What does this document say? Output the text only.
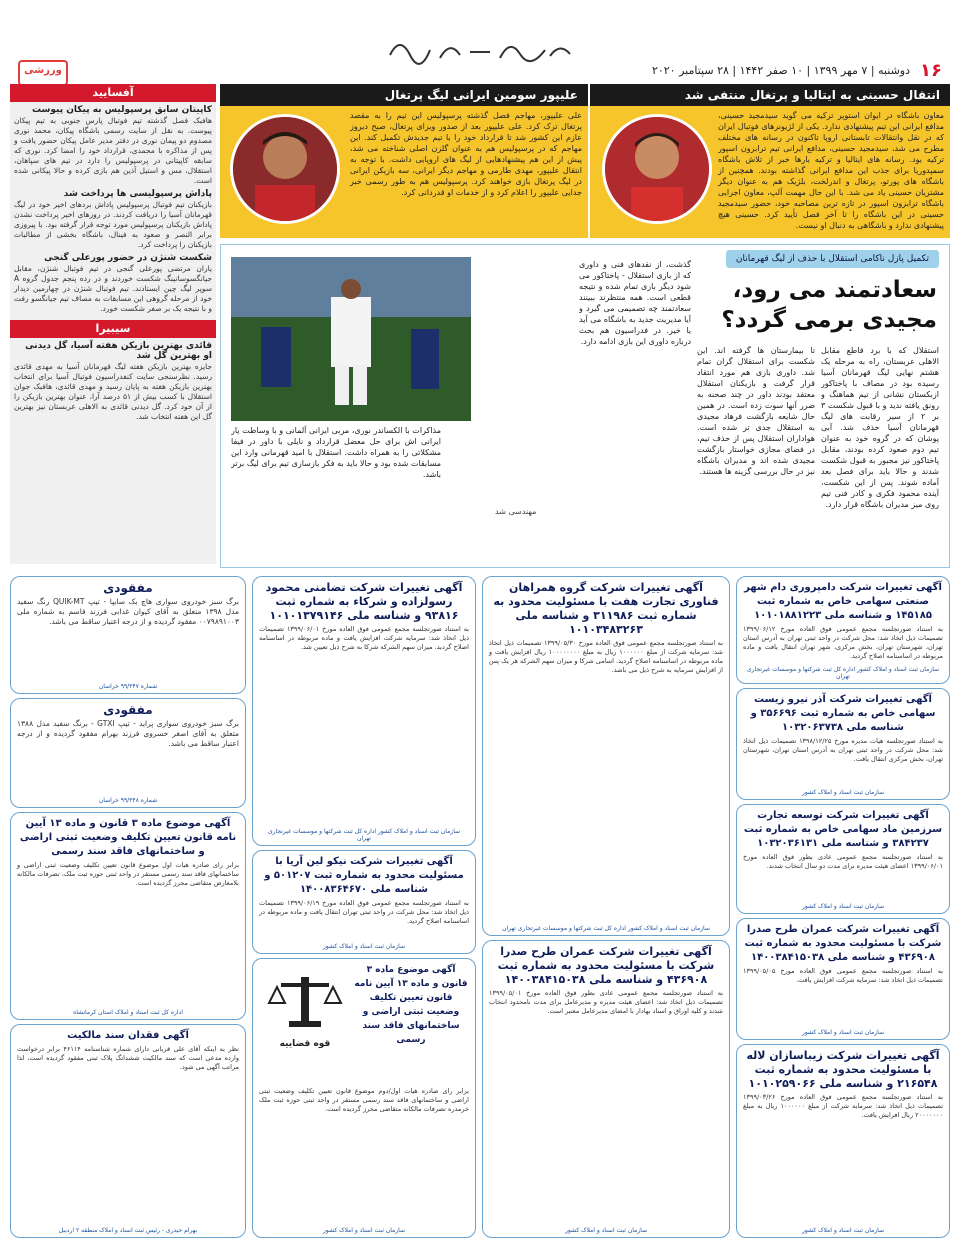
۱۶
دوشنبه | ۷ مهر ۱۳۹۹ | ۱۰ صفر ۱۴۴۲ | ۲۸ سپتامبر ۲۰۲۰
ورزشی
انتقال حسینی به ایتالیا و پرتغال منتفی شد
معاون باشگاه در ایوان استوپر ترکیه می گوید سیدمجید حسینی، مدافع ایرانی این تیم پیشنهادی ندارد. یکی از لژیونرهای فوتبال ایران که در نقل وانتقالات تابستانی اروپا تاکنون در رسانه های مختلف مطرح می شد، سیدمجید حسینی، مدافع ایرانی تیم ترابزون اسپور ترکیه بود. رسانه های ایتالیا و ترکیه بارها خبر از تلاش باشگاه سمپدوریا برای جذب این مدافع ایرانی گذاشته بودند. همچنین از باشگاه های پورتو، پرتغال و اندرلخت، بلژیک هم به عنوان دیگر مشتریان حسینی یاد می شد. با این حال مهمت آلپ، معاون اجرایی باشگاه ترابزون اسپور در تازه ترین مصاحبه خود، حضور سیدمجید حسینی در این باشگاه را تا آخر فصل تأیید کرد. حسینی هیچ پیشنهادی ندارد و باشگاهی به دنبال او نیست.
علیپور سومین ایرانی لیگ پرتغال
علی علیپور، مهاجم فصل گذشته پرسپولیس این تیم را به مقصد پرتغال ترک کرد. علی علیپور بعد از صدور ویزای پرتغال، صبح دیروز عازم این کشور شد تا قرارداد خود را با تیم جدیدش تکمیل کند. این مهاجم که در پرسپولیس هم به عنوان گلزن اصلی شناخته می شد، پیش از این هم پیشنهادهایی از لیگ های اروپایی داشت. با توجه به انتقال علیپور، مهدی طارمی و مهاجم دیگر ایرانی، سه بازیکن ایرانی در لیگ پرتغال بازی خواهند کرد. پرسپولیس هم به طور رسمی خبر جدایی علیپور را اعلام کرد و از خدمات او قدردانی کرد.
آفسایید
کاپیتان سابق پرسپولیس به پیکان پیوست
هافبک فصل گذشته تیم فوتبال پارس جنوبی به تیم پیکان پیوست. به نقل از سایت رسمی باشگاه پیکان، محمد نوری مصدوم دو پیمان نوری در دفتر مدیر عامل پیکان حضور یافت و پس از مذاکره با محمدی، قرارداد خود را امضا کرد. نوری که سابقه کاپیتانی در پرسپولیس را دارد در تیم های سپاهان، استقلال، مس و استیل آذین هم بازی کرده و حالا پیکانی شده است.
پاداش پرسپولیسی ها پرداخت شد
بازیکنان تیم فوتبال پرسپولیس پاداش بردهای اخیر خود در لیگ قهرمانان آسیا را دریافت کردند. در روزهای اخیر پرداخت نشدن پاداش بازیکنان پرسپولیس مورد توجه قرار گرفته بود. با پیروزی برابر النصر و صعود به فینال، باشگاه بخشی از مطالبات بازیکنان را پرداخت کرد.
شکست شنژن در حضور پورعلی گنجی
یاران مرتضی پورعلی گنجی در تیم فوتبال شنژن، مقابل جیانگسوسانینگ شکست خوردند و در رده پنجم جدول گروه A سوپر لیگ چین ایستادند. تیم فوتبال شنژن در چهارمین دیدار خود از مرحله گروهی این مسابقات به مصاف تیم جیانگسو رفت و با نتیجه یک بر صفر شکست خورد.
سیبیرا
قائدی بهترین بازیکن هفته آسیا، گل دیدنی او بهترین گل شد
جایزه بهترین بازیکن هفته لیگ قهرمانان آسیا به مهدی قائدی رسید. نظرسنجی سایت کنفدراسیون فوتبال آسیا برای انتخاب بهترین بازیکن هفته به پایان رسید و مهدی قائدی، هافبک جوان استقلال با کسب بیش از ۵۱ درصد آرا، عنوان بهترین بازیکن را از آن خود کرد. گل دیدنی قائدی به الاهلی عربستان نیز بهترین گل این هفته انتخاب شد.
تکمیل پازل ناکامی استقلال با حذف از لیگ قهرمانان
سعادتمند می رود، مجیدی برمی گردد؟
استقلال که با برد قاطع مقابل الاهلی عربستان، راه به مرحله یک هشتم نهایی لیگ قهرمانان آسیا رسیده بود در مصاف با پاختاکور ازبکستان نشانی از تیم هماهنگ و رونق یافته ندید و با قبول شکست ۳ بر ۲ از سیر رقابت های لیگ قهرمانان آسیا حذف شد. آبی پوشان که در گروه خود به عنوان تیم دوم صعود کرده بودند، مقابل پاختاکور نیز مجبور به قبول شکست شدند و حالا باید برای فصل بعد آماده شوند. پس از این شکست، آینده محمود فکری و کادر فنی تیم روی میز مدیران باشگاه قرار دارد.
تا بیمارستان ها گرفته اند. این شکست برای استقلال گران تمام شد. داوری بازی هم مورد انتقاد قرار گرفت و بازیکنان استقلال معتقد بودند داور در چند صحنه به ضرر آنها سوت زده است. در همین حال شایعه بازگشت فرهاد مجیدی به استقلال جدی تر شده است. هواداران استقلال پس از حذف تیم، در فضای مجازی خواستار بازگشت مجیدی شده اند و مدیران باشگاه نیز در حال بررسی گزینه ها هستند.
گذشت، از نقدهای فنی و داوری که از بازی استقلال - پاختاکور می شود دیگر بازی تمام شده و نتیجه قطعی است. همه منتظرند ببینند سعادتمند چه تصمیمی می گیرد و آیا مدیریت جدید به باشگاه می آید یا خیر. در فدراسیون هم بحث درباره داوری این بازی ادامه دارد.
مذاکرات با الکساندر نوری، مربی ایرانی آلمانی و با وساطت یار ایرانی اش برای حل معضل قرارداد و نایلی با داور در فیفا مشکلاتی را به همراه داشت. استقلال با امید قهرمانی وارد این مسابقات شده بود و حالا باید به فکر بازسازی تیم برای لیگ برتر باشد.
مهندسی شد
آگهی تغییرات شرکت دامپروری دام شهر صنعتی سهامی خاص به شماره ثبت ۱۴۵۱۸۵ و شناسه ملی ۱۰۱۰۱۸۸۱۲۲۳
به استناد صورتجلسه مجمع عمومی فوق العاده مورخ ۱۳۹۹/۰۶/۱۲ تصمیمات ذیل اتخاذ شد: محل شرکت در واحد ثبتی تهران به آدرس استان تهران، شهرستان تهران، بخش مرکزی، شهر تهران انتقال یافت و ماده مربوطه در اساسنامه اصلاح گردید.
سازمان ثبت اسناد و املاک کشور اداره کل ثبت شرکتها و موسسات غیرتجاری تهران
آگهی تغییرات شرکت آذر نیرو زیست سهامی خاص به شماره ثبت ۳۵۶۶۹۶ و شناسه ملی ۱۰۳۲۰۶۳۷۳۸
به استناد صورتجلسه هیات مدیره مورخ ۱۳۹۸/۱۲/۲۵ تصمیمات ذیل اتخاذ شد: محل شرکت در واحد ثبتی تهران به آدرس استان تهران، شهرستان تهران، بخش مرکزی انتقال یافت.
سازمان ثبت اسناد و املاک کشور
آگهی تغییرات شرکت توسعه تجارت سرزمین ماد سهامی خاص به شماره ثبت ۳۸۴۲۳۷ و شناسه ملی ۱۰۳۲۰۳۶۱۳۱
به استناد صورتجلسه مجمع عمومی عادی بطور فوق العاده مورخ ۱۳۹۹/۰۶/۰۱ اعضای هیئت مدیره برای مدت دو سال انتخاب شدند.
سازمان ثبت اسناد و املاک کشور
آگهی تغییرات شرکت عمران طرح صدرا شرکت با مسئولیت محدود به شماره ثبت ۴۳۶۹۰۸ و شناسه ملی ۱۴۰۰۳۸۴۱۵۰۳۸
به استناد صورتجلسه مجمع عمومی فوق العاده مورخ ۱۳۹۹/۰۵/۰۵ تصمیمات ذیل اتخاذ شد: سرمایه شرکت افزایش یافت.
سازمان ثبت اسناد و املاک کشور
آگهی تغییرات شرکت زیباسازان لاله با مسئولیت محدود به شماره ثبت ۲۱۶۵۴۸ و شناسه ملی ۱۰۱۰۲۵۹۰۶۶
به استناد صورتجلسه مجمع عمومی فوق العاده مورخ ۱۳۹۹/۰۳/۲۶ تصمیمات ذیل اتخاذ شد: سرمایه شرکت از مبلغ ۱۰۰۰۰۰۰ ریال به مبلغ ۲۰۰۰۰۰۰۰ ریال افزایش یافت.
سازمان ثبت اسناد و املاک کشور
آگهی تغییرات شرکت گروه همراهان فناوری تجارت هفت با مسئولیت محدود به شماره ثبت ۳۱۱۹۸۶ و شناسه ملی ۱۰۱۰۳۴۸۳۲۶۳
به استناد صورتجلسه مجمع عمومی فوق العاده مورخ ۱۳۹۹/۰۵/۳۰ تصمیمات ذیل اتخاذ شد: سرمایه شرکت از مبلغ ۱۰۰۰۰۰۰ ریال به مبلغ ۱۰۰۰۰۰۰۰۰ ریال افزایش یافت و ماده مربوطه در اساسنامه اصلاح گردید. اسامی شرکا و میزان سهم الشرکه هر یک پس از افزایش سرمایه به شرح ذیل می باشد.
سازمان ثبت اسناد و املاک کشور اداره کل ثبت شرکتها و موسسات غیرتجاری تهران
آگهی تغییرات شرکت عمران طرح صدرا شرکت با مسئولیت محدود به شماره ثبت ۴۳۶۹۰۸ و شناسه ملی ۱۴۰۰۳۸۴۱۵۰۳۸
به استناد صورتجلسه مجمع عمومی عادی بطور فوق العاده مورخ ۱۳۹۹/۰۵/۰۱ تصمیمات ذیل اتخاذ شد: اعضای هیئت مدیره و مدیرعامل برای مدت نامحدود انتخاب شدند و کلیه اوراق و اسناد بهادار با امضای مدیرعامل معتبر است.
سازمان ثبت اسناد و املاک کشور
آگهی تغییرات شرکت تضامنی محمود رسولزاده و شرکاء به شماره ثبت ۹۳۸۱۶ و شناسه ملی ۱۰۱۰۱۳۷۹۱۴۶
به استناد صورتجلسه مجمع عمومی فوق العاده مورخ ۱۳۹۹/۰۶/۰۱ تصمیمات ذیل اتخاذ شد: سرمایه شرکت افزایش یافت و ماده مربوطه در اساسنامه اصلاح گردید. میزان سهم الشرکه شرکا به شرح ذیل تعیین شد.
سازمان ثبت اسناد و املاک کشور اداره کل ثبت شرکتها و موسسات غیرتجاری تهران
آگهی تغییرات شرکت نیکو لین آریا با مسئولیت محدود به شماره ثبت ۵۰۱۲۰۷ و شناسه ملی ۱۴۰۰۸۳۶۴۶۷۰
به استناد صورتجلسه مجمع عمومی فوق العاده مورخ ۱۳۹۹/۰۶/۱۹ تصمیمات ذیل اتخاذ شد: محل شرکت در واحد ثبتی تهران انتقال یافت و ماده مربوطه در اساسنامه اصلاح گردید.
سازمان ثبت اسناد و املاک کشور
قوه قضاییه
آگهی موضوع ماده ۳ قانون و ماده ۱۳ آیین نامه قانون تعیین تکلیف وضعیت ثبتی اراضی و ساختمانهای فاقد سند رسمی
برابر رای صادره هیات اول/دوم موضوع قانون تعیین تکلیف وضعیت ثبتی اراضی و ساختمانهای فاقد سند رسمی مستقر در واحد ثبتی حوزه ثبت ملک خرمدره تصرفات مالکانه متقاضی محرز گردیده است.
سازمان ثبت اسناد و املاک کشور
مفقودی
برگ سبز خودروی سواری هاچ بک سایپا - تیپ QUIK-MT رنگ سفید مدل ۱۳۹۸ متعلق به آقای کیوان غدابی فرزند قاسم به شماره ملی ۰۰۷۹۸۹۱۰۰۳ مفقود گردیده و از درجه اعتبار ساقط می باشد.
شماره ۹۹/۳۴۷ خراسان
مفقودی
برگ سبز خودروی سواری پراید - تیپ GTXI - برنگ سفید مدل ۱۳۸۸ متعلق به آقای اصغر خسروی فرزند بهرام مفقود گردیده و از درجه اعتبار ساقط می باشد.
شماره ۹۹/۳۴۸ خراسان
آگهی موضوع ماده ۳ قانون و ماده ۱۳ آیین نامه قانون تعیین تکلیف وضعیت ثبتی اراضی و ساختمانهای فاقد سند رسمی
برابر رای صادره هیات اول موضوع قانون تعیین تکلیف وضعیت ثبتی اراضی و ساختمانهای فاقد سند رسمی مستقر در واحد ثبتی حوزه ثبت ملک، تصرفات مالکانه بلامعارض متقاضی محرز گردیده است.
اداره کل ثبت اسناد و املاک استان کرمانشاه
آگهی فقدان سند مالکیت
نظر به اینکه آقای علی قربانی دارای شماره شناسنامه ۴۶۱۱۴ برابر درخواست وارده مدعی است که سند مالکیت ششدانگ پلاک ثبتی مفقود گردیده است، لذا مراتب آگهی می شود.
بهرام حیدری - رئیس ثبت اسناد و املاک منطقه ۲ اردبیل
